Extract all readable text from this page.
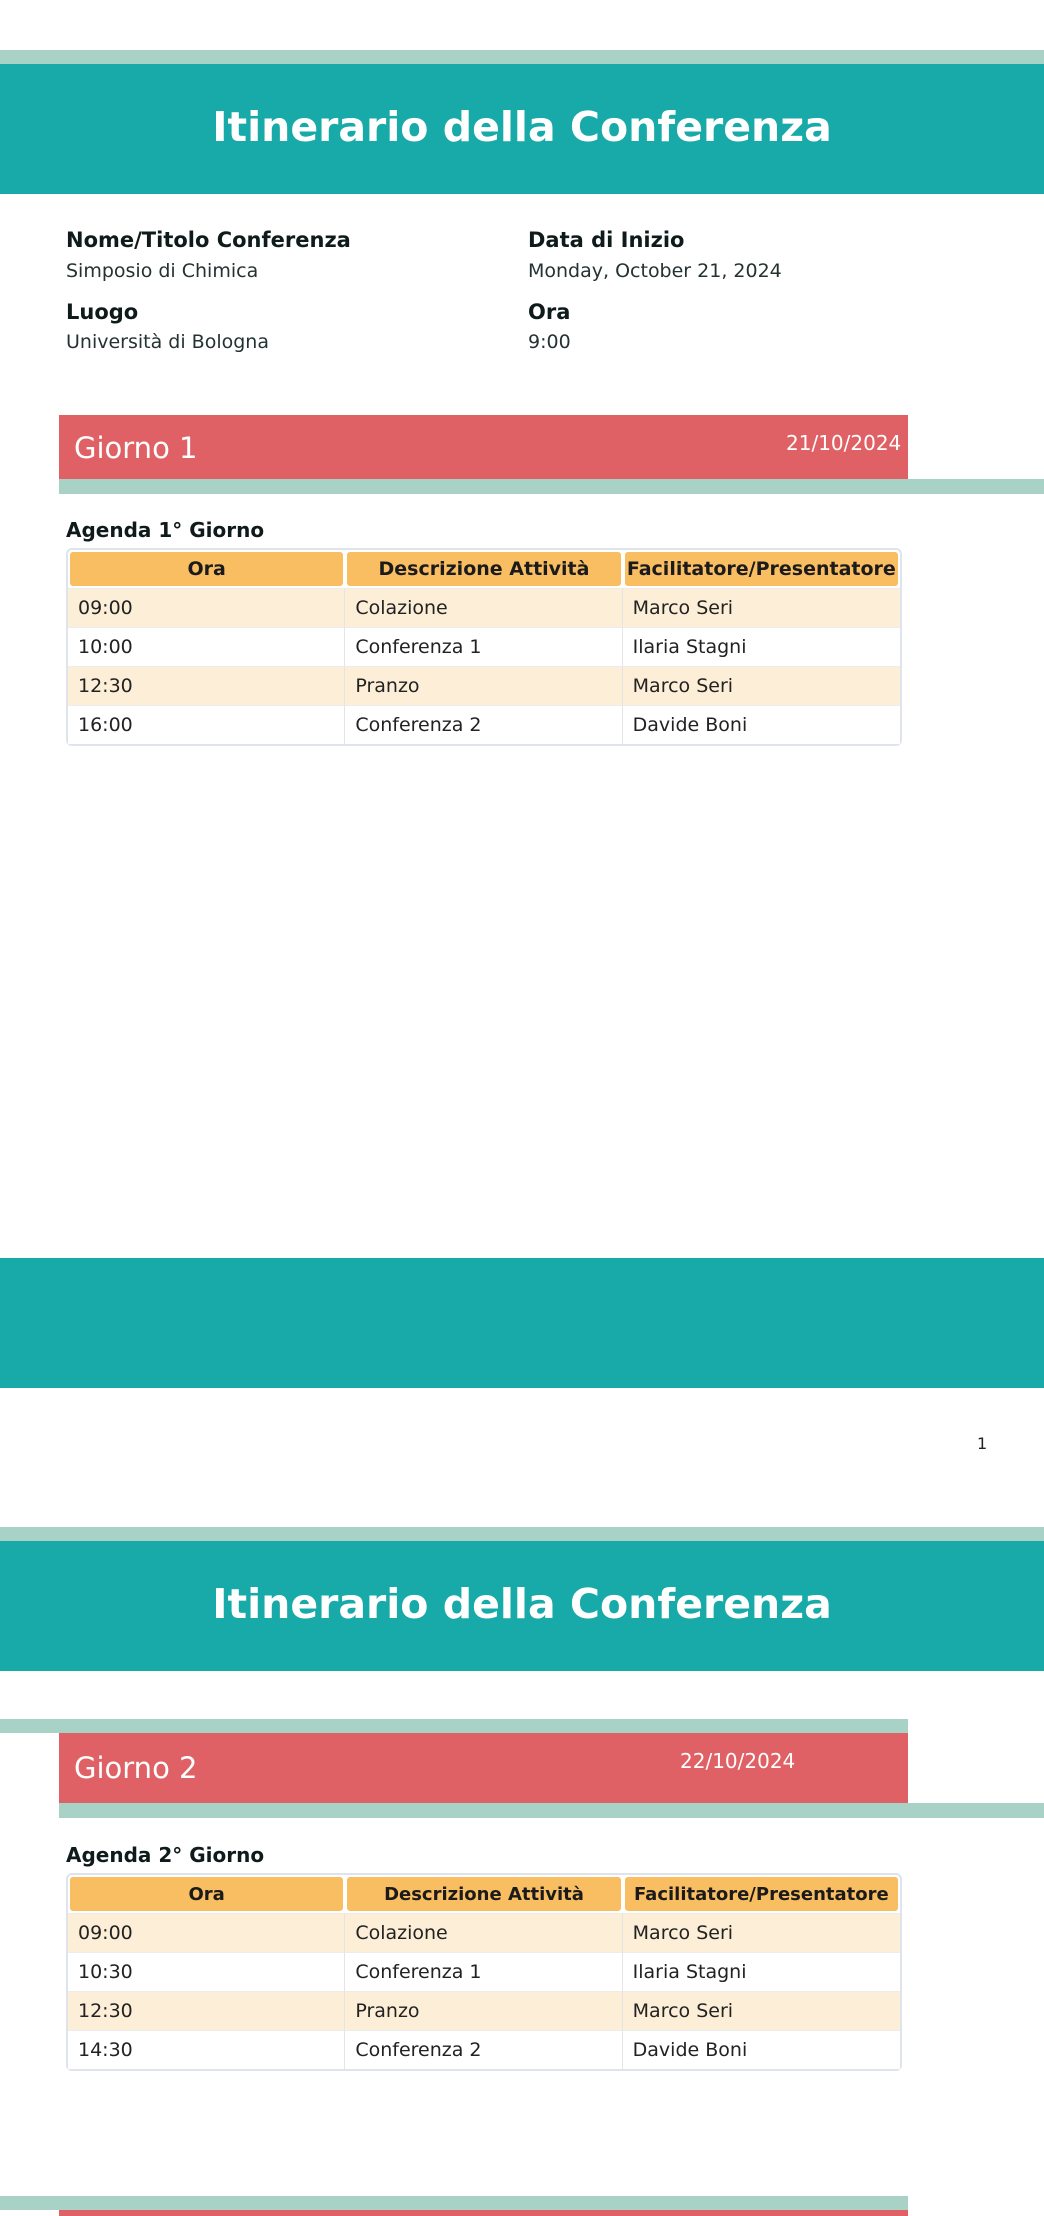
Itinerario della Conferenza
Nome/Titolo Conferenza
Simposio di Chimica
Data di Inizio
Monday, October 21, 2024
Luogo
Università di Bologna
Ora
9:00
Giorno 1	21/10/2024
Agenda 1° Giorno
Ora	Descrizione Attività	Facilitatore/Presentatore
09:00	Colazione	Marco Seri
10:00	Conferenza 1	Ilaria Stagni
12:30	Pranzo	Marco Seri
16:00	Conferenza 2	Davide Boni
1
Itinerario della Conferenza
Giorno 2	22/10/2024
Agenda 2° Giorno
Ora	Descrizione Attività	Facilitatore/Presentatore
09:00	Colazione	Marco Seri
10:30	Conferenza 1	Ilaria Stagni
12:30	Pranzo	Marco Seri
14:30	Conferenza 2	Davide Boni
